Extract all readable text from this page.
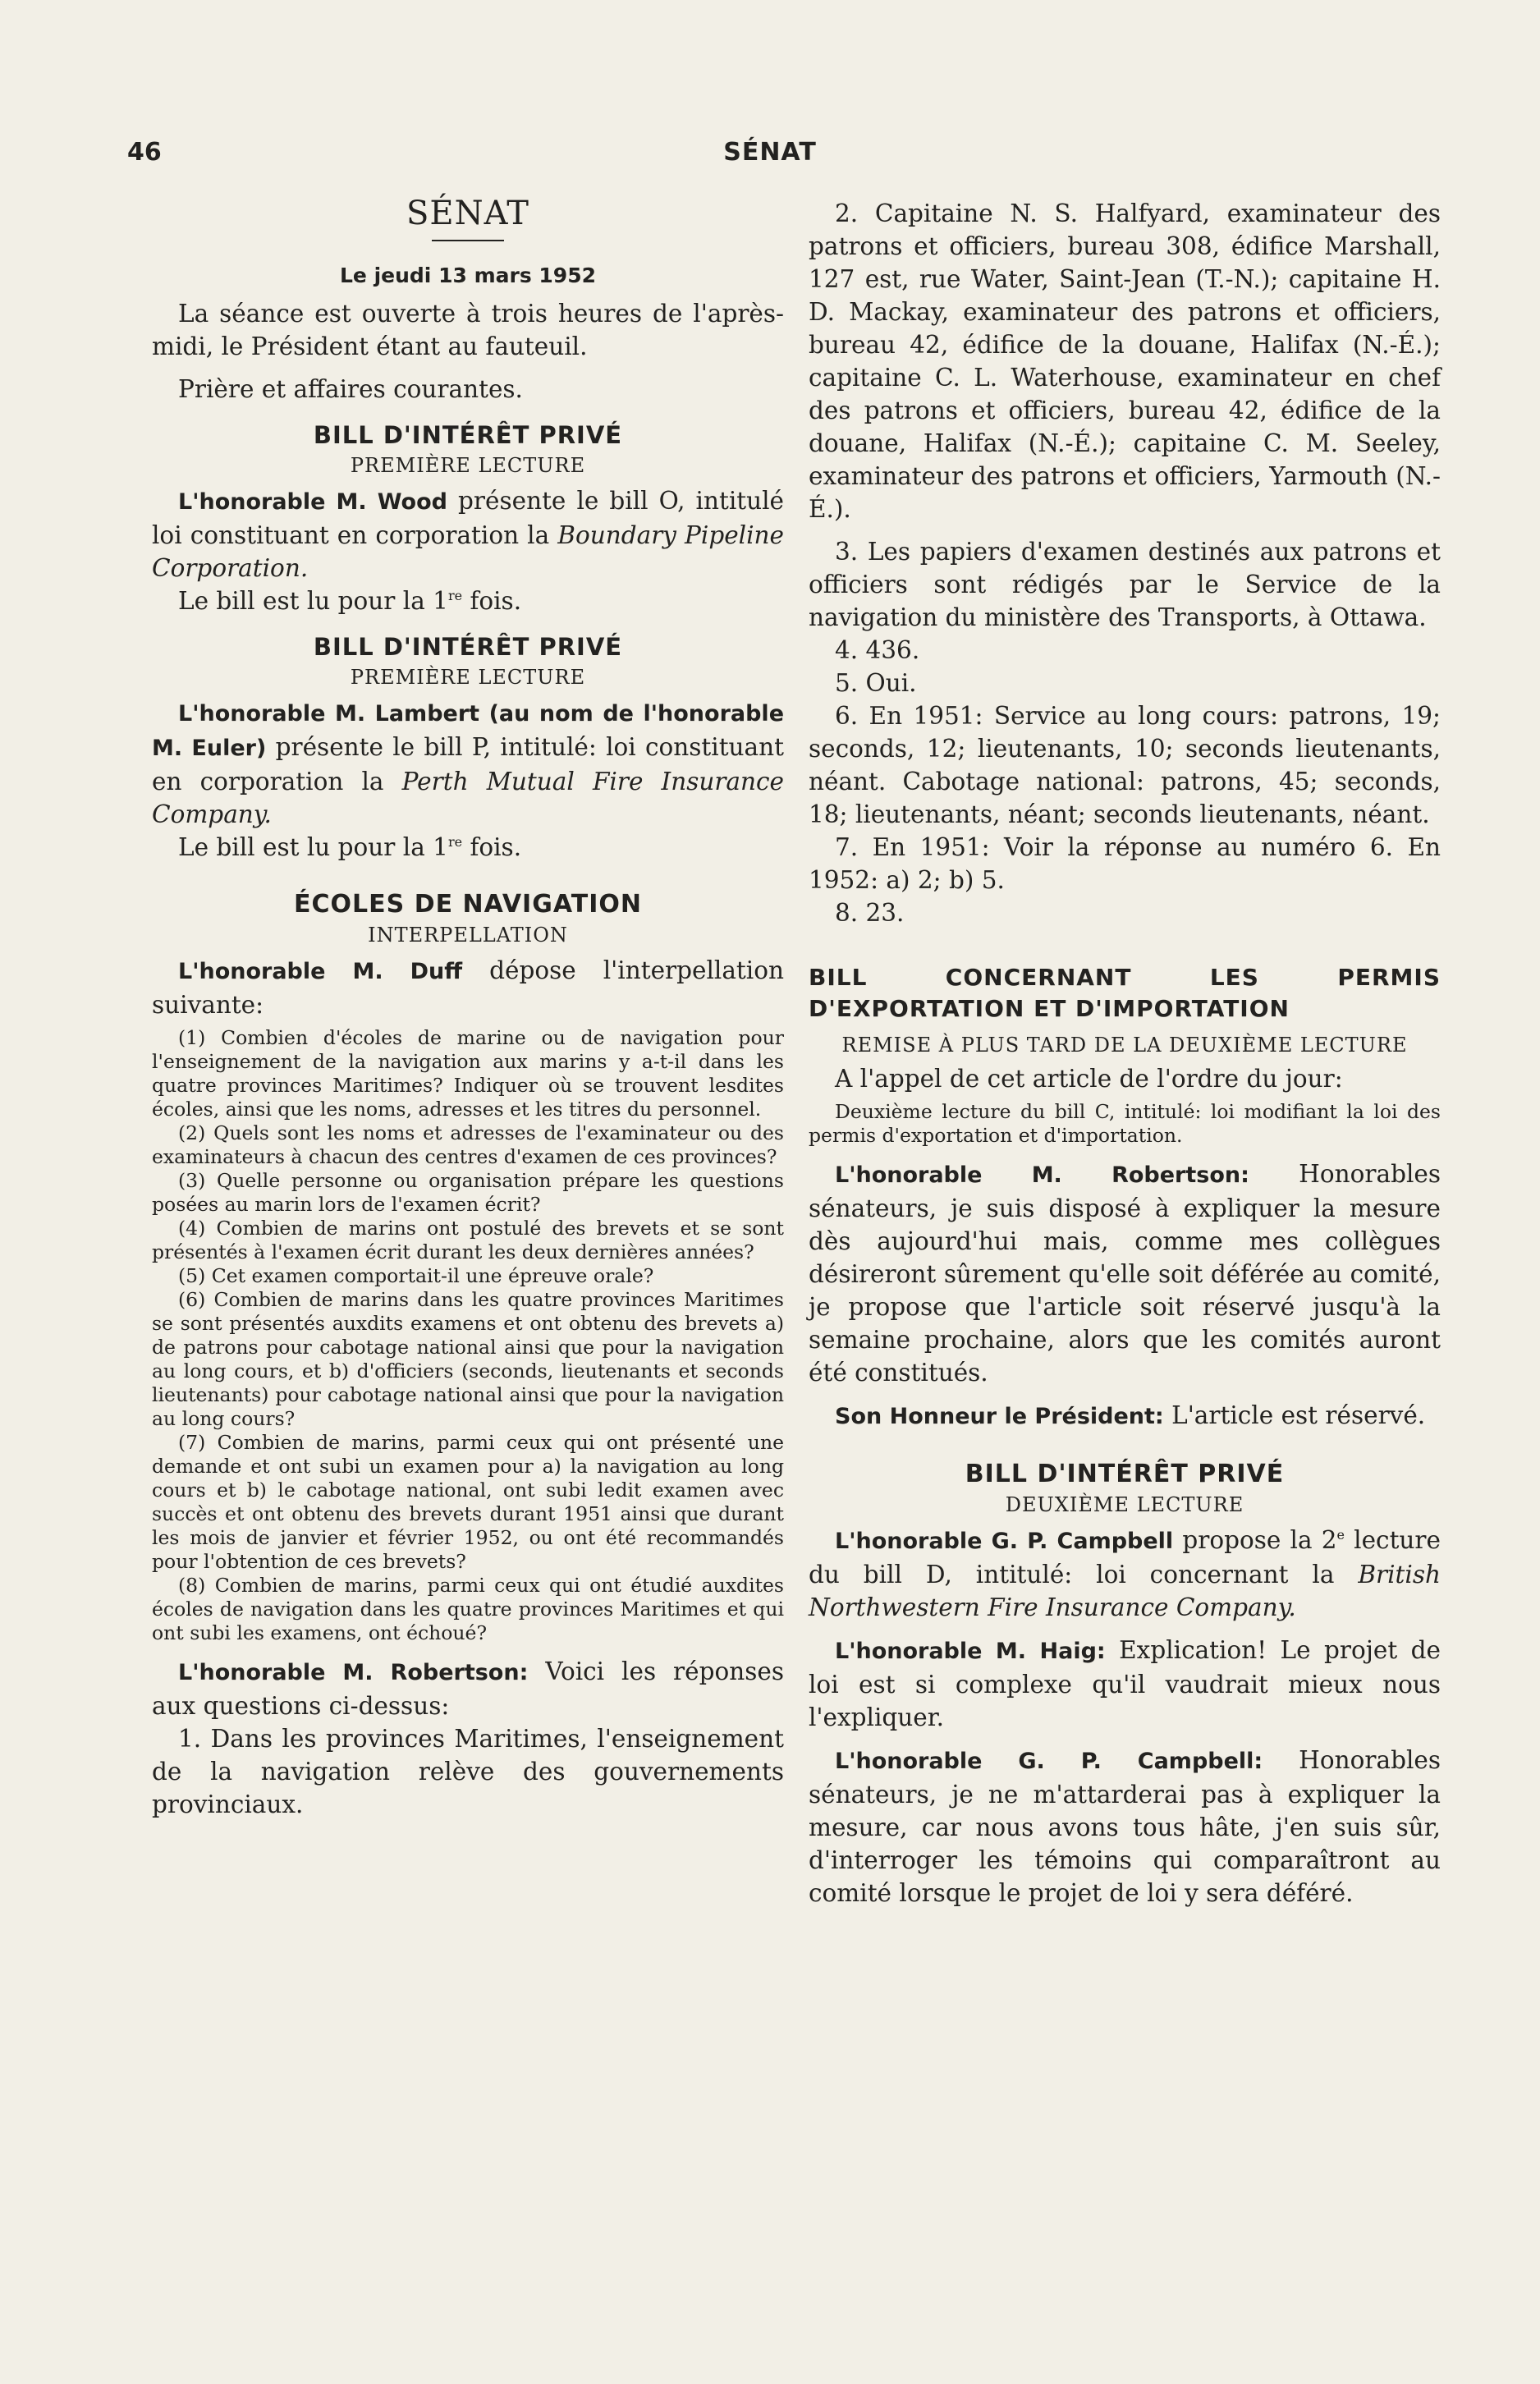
46	SÉNAT
SÉNAT
Le jeudi 13 mars 1952

La séance est ouverte à trois heures de l'après-midi, le Président étant au fauteuil.

Prière et affaires courantes.

BILL D'INTÉRÊT PRIVÉ
PREMIÈRE LECTURE

L'honorable M. Wood présente le bill O, intitulé loi constituant en corporation la Boundary Pipeline Corporation.

Le bill est lu pour la 1re fois.

BILL D'INTÉRÊT PRIVÉ
PREMIÈRE LECTURE

L'honorable M. Lambert (au nom de l'honorable M. Euler) présente le bill P, intitulé: loi constituant en corporation la Perth Mutual Fire Insurance Company.

Le bill est lu pour la 1re fois.

ÉCOLES DE NAVIGATION
INTERPELLATION

L'honorable M. Duff dépose l'interpellation suivante:

(1) Combien d'écoles de marine ou de navigation pour l'enseignement de la navigation aux marins y a-t-il dans les quatre provinces Maritimes? Indiquer où se trouvent lesdites écoles, ainsi que les noms, adresses et les titres du personnel.

(2) Quels sont les noms et adresses de l'examinateur ou des examinateurs à chacun des centres d'examen de ces provinces?

(3) Quelle personne ou organisation prépare les questions posées au marin lors de l'examen écrit?

(4) Combien de marins ont postulé des brevets et se sont présentés à l'examen écrit durant les deux dernières années?

(5) Cet examen comportait-il une épreuve orale?

(6) Combien de marins dans les quatre provinces Maritimes se sont présentés auxdits examens et ont obtenu des brevets a) de patrons pour cabotage national ainsi que pour la navigation au long cours, et b) d'officiers (seconds, lieutenants et seconds lieutenants) pour cabotage national ainsi que pour la navigation au long cours?

(7) Combien de marins, parmi ceux qui ont présenté une demande et ont subi un examen pour a) la navigation au long cours et b) le cabotage national, ont subi ledit examen avec succès et ont obtenu des brevets durant 1951 ainsi que durant les mois de janvier et février 1952, ou ont été recommandés pour l'obtention de ces brevets?

(8) Combien de marins, parmi ceux qui ont étudié auxdites écoles de navigation dans les quatre provinces Maritimes et qui ont subi les examens, ont échoué?

L'honorable M. Robertson: Voici les réponses aux questions ci-dessus:

1. Dans les provinces Maritimes, l'enseignement de la navigation relève des gouvernements provinciaux.

2. Capitaine N. S. Halfyard, examinateur des patrons et officiers, bureau 308, édifice Marshall, 127 est, rue Water, Saint-Jean (T.-N.); capitaine H. D. Mackay, examinateur des patrons et officiers, bureau 42, édifice de la douane, Halifax (N.-É.); capitaine C. L. Waterhouse, examinateur en chef des patrons et officiers, bureau 42, édifice de la douane, Halifax (N.-É.); capitaine C. M. Seeley, examinateur des patrons et officiers, Yarmouth (N.-É.).

3. Les papiers d'examen destinés aux patrons et officiers sont rédigés par le Service de la navigation du ministère des Transports, à Ottawa.

4. 436.

5. Oui.

6. En 1951: Service au long cours: patrons, 19; seconds, 12; lieutenants, 10; seconds lieutenants, néant. Cabotage national: patrons, 45; seconds, 18; lieutenants, néant; seconds lieutenants, néant.

7. En 1951: Voir la réponse au numéro 6. En 1952: a) 2; b) 5.

8. 23.

BILL CONCERNANT LES PERMIS D'EXPORTATION ET D'IMPORTATION
REMISE À PLUS TARD DE LA DEUXIÈME LECTURE

A l'appel de cet article de l'ordre du jour:

Deuxième lecture du bill C, intitulé: loi modifiant la loi des permis d'exportation et d'importation.

L'honorable M. Robertson: Honorables sénateurs, je suis disposé à expliquer la mesure dès aujourd'hui mais, comme mes collègues désireront sûrement qu'elle soit déférée au comité, je propose que l'article soit réservé jusqu'à la semaine prochaine, alors que les comités auront été constitués.

Son Honneur le Président: L'article est réservé.

BILL D'INTÉRÊT PRIVÉ
DEUXIÈME LECTURE

L'honorable G. P. Campbell propose la 2e lecture du bill D, intitulé: loi concernant la British Northwestern Fire Insurance Company.

L'honorable M. Haig: Explication! Le projet de loi est si complexe qu'il vaudrait mieux nous l'expliquer.

L'honorable G. P. Campbell: Honorables sénateurs, je ne m'attarderai pas à expliquer la mesure, car nous avons tous hâte, j'en suis sûr, d'interroger les témoins qui comparaîtront au comité lorsque le projet de loi y sera déféré.
